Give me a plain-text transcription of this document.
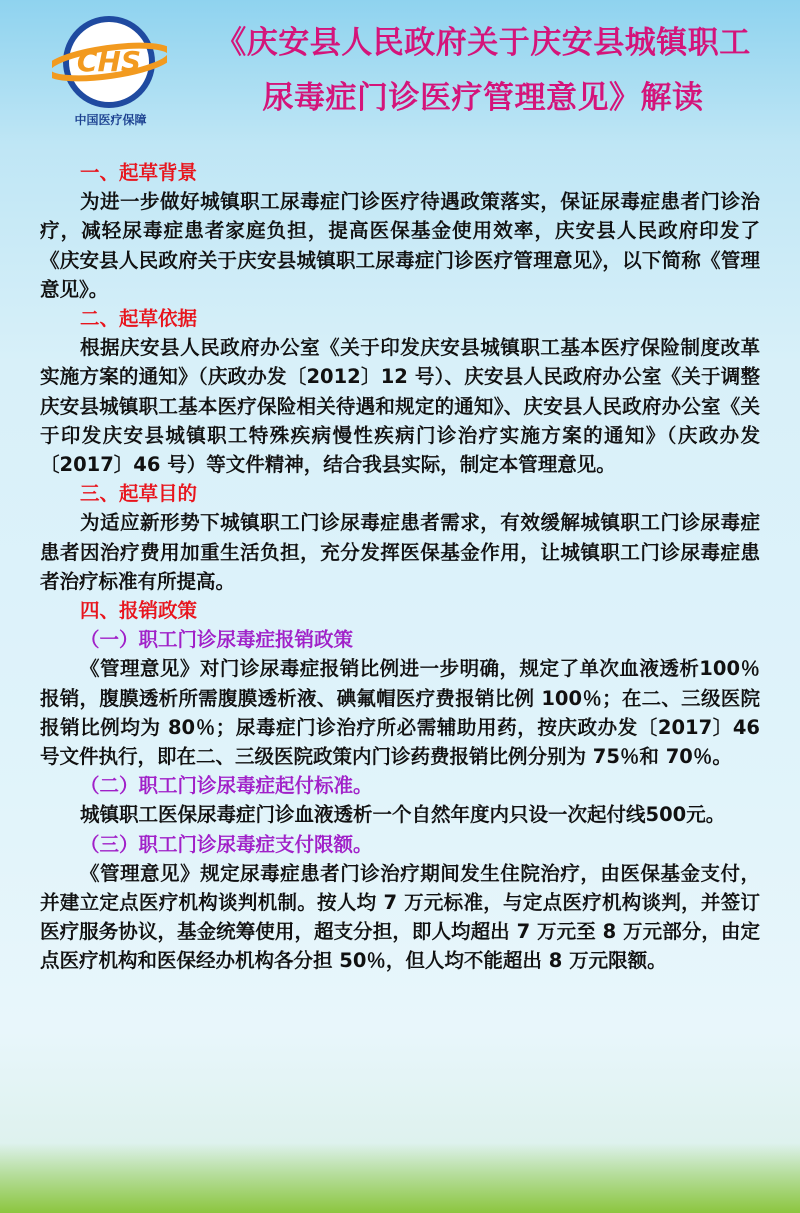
CHS
中国医疗保障
《庆安县人民政府关于庆安县城镇职工
尿毒症门诊医疗管理意见》解读
一、起草背景

为进一步做好城镇职工尿毒症门诊医疗待遇政策落实，保证尿毒症患者门诊治疗，减轻尿毒症患者家庭负担，提高医保基金使用效率，庆安县人民政府印发了《庆安县人民政府关于庆安县城镇职工尿毒症门诊医疗管理意见》，以下简称《管理意见》。

二、起草依据

根据庆安县人民政府办公室《关于印发庆安县城镇职工基本医疗保险制度改革实施方案的通知》（庆政办发〔2012〕12 号）、庆安县人民政府办公室《关于调整庆安县城镇职工基本医疗保险相关待遇和规定的通知》、庆安县人民政府办公室《关于印发庆安县城镇职工特殊疾病慢性疾病门诊治疗实施方案的通知》（庆政办发〔2017〕46 号）等文件精神，结合我县实际，制定本管理意见。

三、起草目的

为适应新形势下城镇职工门诊尿毒症患者需求，有效缓解城镇职工门诊尿毒症患者因治疗费用加重生活负担，充分发挥医保基金作用，让城镇职工门诊尿毒症患者治疗标准有所提高。

四、报销政策
（一）职工门诊尿毒症报销政策

《管理意见》对门诊尿毒症报销比例进一步明确，规定了单次血液透析100％报销，腹膜透析所需腹膜透析液、碘氟帽医疗费报销比例 100％；在二、三级医院报销比例均为 80％；尿毒症门诊治疗所必需辅助用药，按庆政办发〔2017〕46 号文件执行，即在二、三级医院政策内门诊药费报销比例分别为 75％和 70％。

（二）职工门诊尿毒症起付标准。

城镇职工医保尿毒症门诊血液透析一个自然年度内只设一次起付线500元。

（三）职工门诊尿毒症支付限额。

《管理意见》规定尿毒症患者门诊治疗期间发生住院治疗，由医保基金支付，并建立定点医疗机构谈判机制。按人均 7 万元标准，与定点医疗机构谈判，并签订医疗服务协议，基金统筹使用，超支分担，即人均超出 7 万元至 8 万元部分，由定点医疗机构和医保经办机构各分担 50％，但人均不能超出 8 万元限额。
